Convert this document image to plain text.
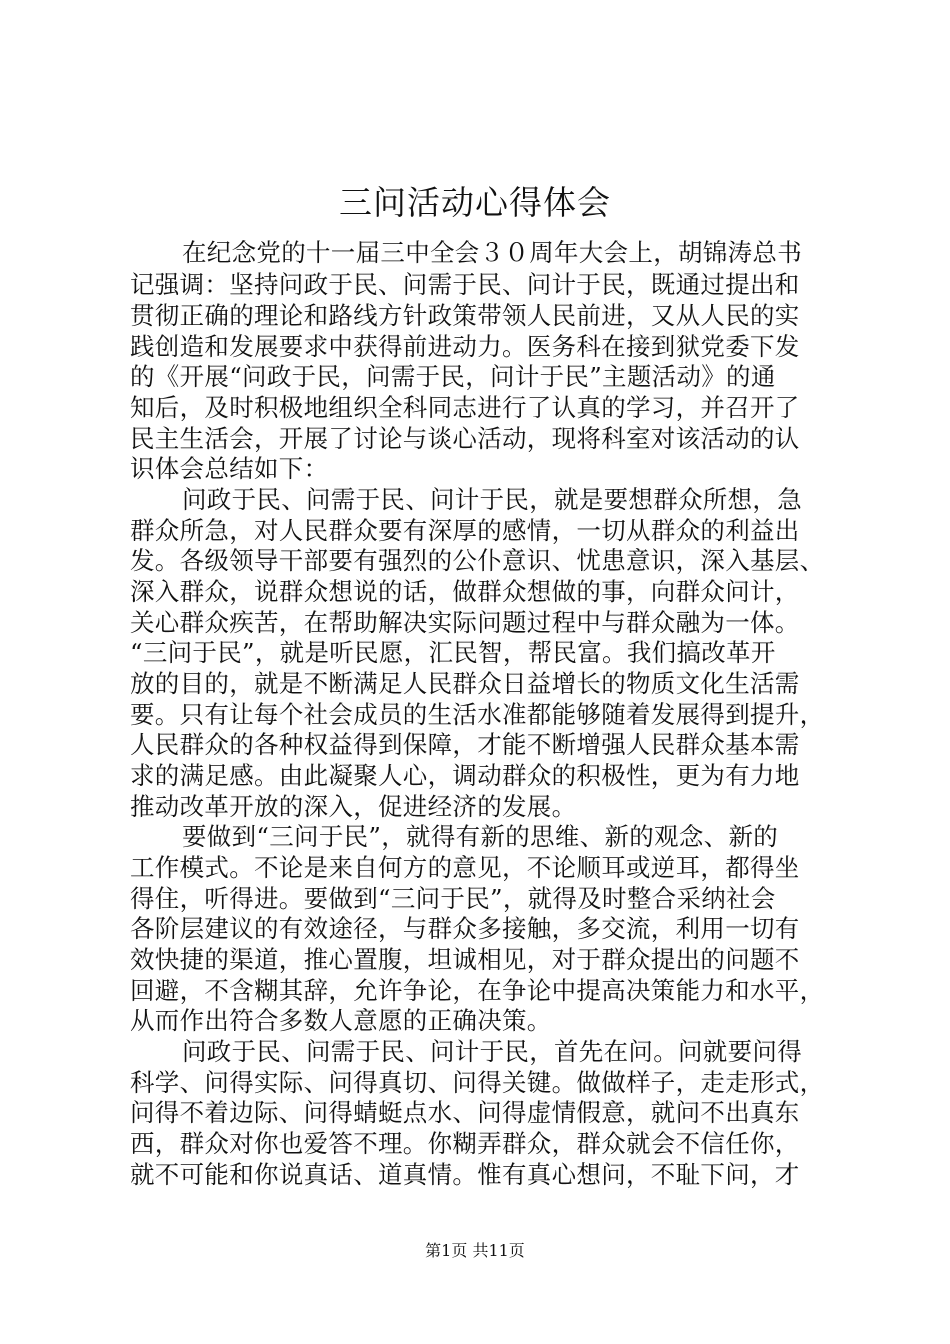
三问活动心得体会
在纪念党的十一届三中全会３０周年大会上，胡锦涛总书
记强调：坚持问政于民、问需于民、问计于民，既通过提出和
贯彻正确的理论和路线方针政策带领人民前进，又从人民的实
践创造和发展要求中获得前进动力。医务科在接到狱党委下发
的《开展“问政于民，问需于民，问计于民”主题活动》的通
知后，及时积极地组织全科同志进行了认真的学习，并召开了
民主生活会，开展了讨论与谈心活动，现将科室对该活动的认
识体会总结如下：
问政于民、问需于民、问计于民，就是要想群众所想，急
群众所急，对人民群众要有深厚的感情，一切从群众的利益出
发。各级领导干部要有强烈的公仆意识、忧患意识，深入基层、
深入群众，说群众想说的话，做群众想做的事，向群众问计，
关心群众疾苦，在帮助解决实际问题过程中与群众融为一体。
“三问于民”，就是听民愿，汇民智，帮民富。我们搞改革开
放的目的，就是不断满足人民群众日益增长的物质文化生活需
要。只有让每个社会成员的生活水准都能够随着发展得到提升，
人民群众的各种权益得到保障，才能不断增强人民群众基本需
求的满足感。由此凝聚人心，调动群众的积极性，更为有力地
推动改革开放的深入，促进经济的发展。
要做到“三问于民”，就得有新的思维、新的观念、新的
工作模式。不论是来自何方的意见，不论顺耳或逆耳，都得坐
得住，听得进。要做到“三问于民”，就得及时整合采纳社会
各阶层建议的有效途径，与群众多接触，多交流，利用一切有
效快捷的渠道，推心置腹，坦诚相见，对于群众提出的问题不
回避，不含糊其辞，允许争论，在争论中提高决策能力和水平，
从而作出符合多数人意愿的正确决策。
问政于民、问需于民、问计于民，首先在问。问就要问得
科学、问得实际、问得真切、问得关键。做做样子，走走形式，
问得不着边际、问得蜻蜓点水、问得虚情假意，就问不出真东
西，群众对你也爱答不理。你糊弄群众，群众就会不信任你，
就不可能和你说真话、道真情。惟有真心想问，不耻下问，才
第1页 共11页
